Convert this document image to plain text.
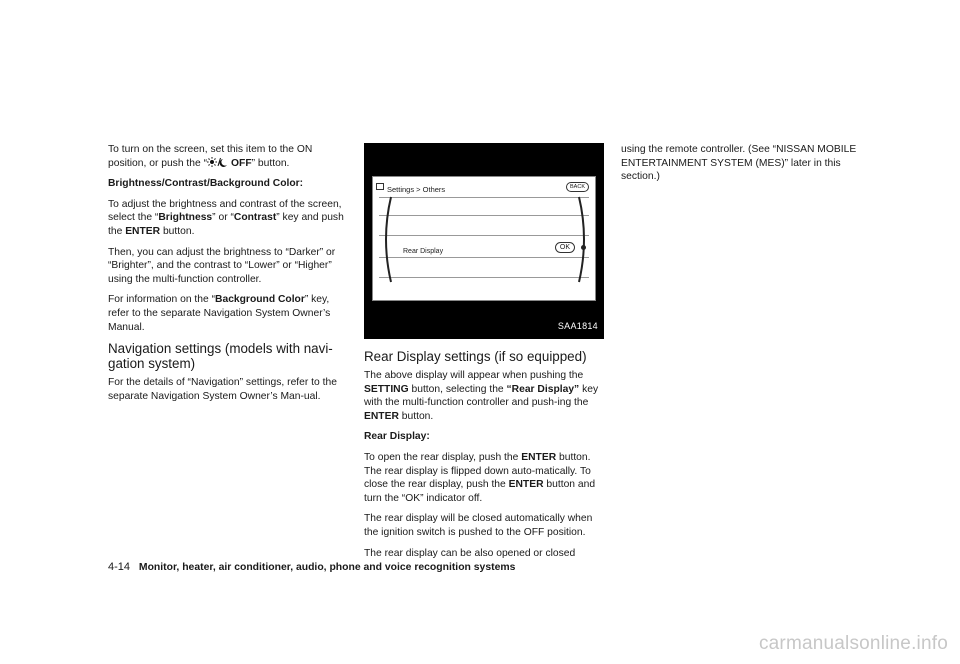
To turn on the screen, set this item to the ON position, or push the “ OFF” button.

Brightness/Contrast/Background Color:

To adjust the brightness and contrast of the screen, select the “Brightness” or “Contrast” key and push the ENTER button.

Then, you can adjust the brightness to “Darker” or “Brighter”, and the contrast to “Lower” or “Higher” using the multi-function controller.

For information on the “Background Color” key, refer to the separate Navigation System Owner’s Manual.

Navigation settings (models with navi-gation system)

For the details of “Navigation” settings, refer to the separate Navigation System Owner’s Man-ual.

Settings > Others	BACK
Rear Display
OK
SAA1814
Rear Display settings (if so equipped)

The above display will appear when pushing the SETTING button, selecting the “Rear Display” key with the multi-function controller and push-ing the ENTER button.

Rear Display:

To open the rear display, push the ENTER button. The rear display is flipped down auto-matically. To close the rear display, push the ENTER button and turn the “OK” indicator off.

The rear display will be closed automatically when the ignition switch is pushed to the OFF position.

The rear display can be also opened or closed

using the remote controller. (See “NISSAN MOBILE ENTERTAINMENT SYSTEM (MES)” later in this section.)

4-14 Monitor, heater, air conditioner, audio, phone and voice recognition systems
carmanualsonline.info
